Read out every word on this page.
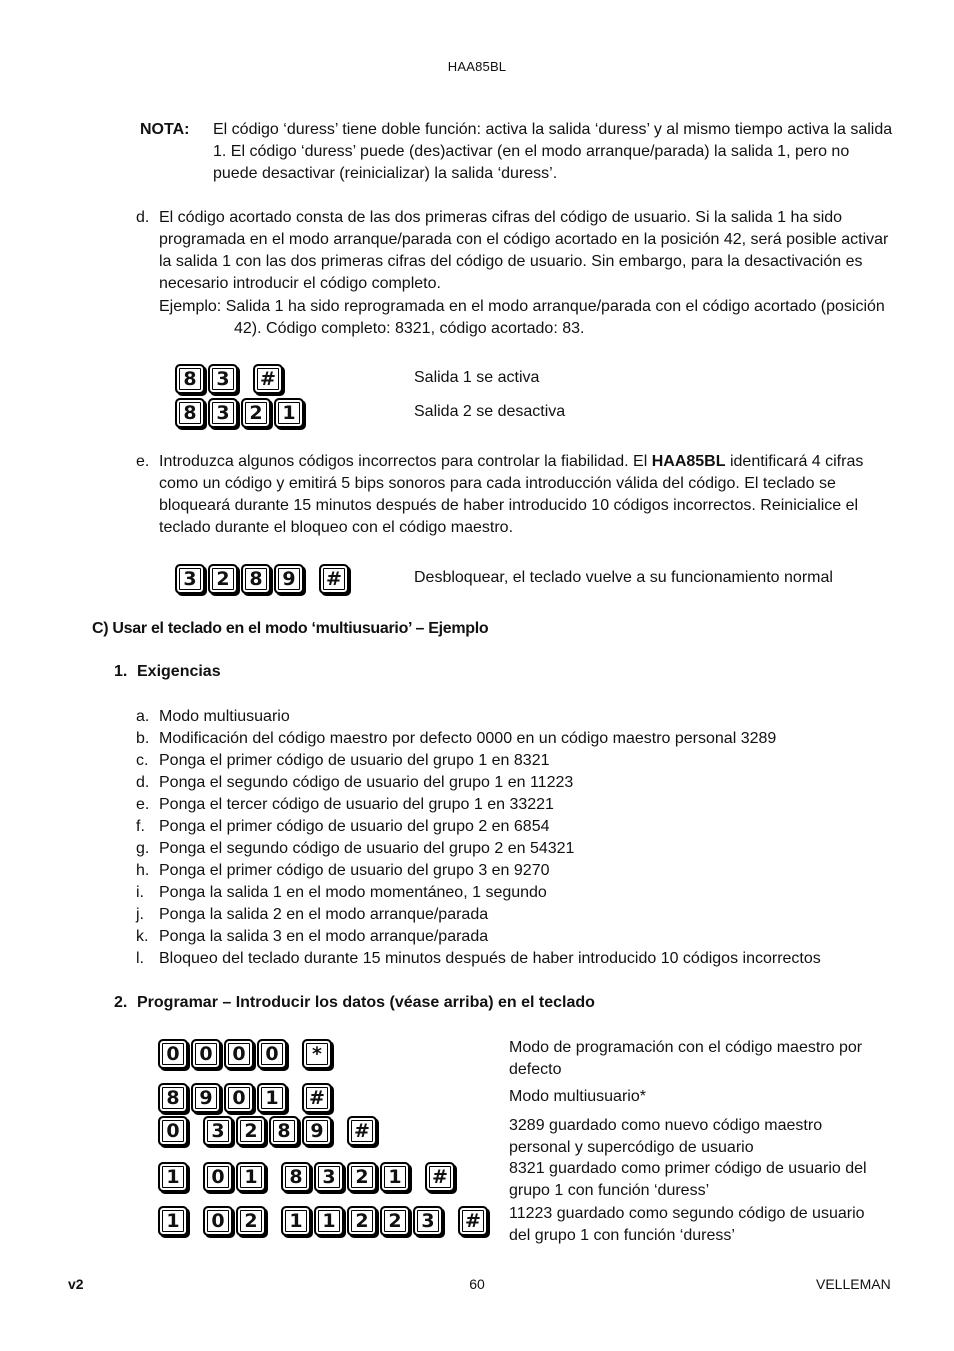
HAA85BL
NOTA: El código ‘duress’ tiene doble función: activa la salida ‘duress’ y al mismo tiempo activa la salida 1. El código ‘duress’ puede (des)activar (en el modo arranque/parada) la salida 1, pero no puede desactivar (reinicializar) la salida ‘duress’.
d. El código acortado consta de las dos primeras cifras del código de usuario. Si la salida 1 ha sido programada en el modo arranque/parada con el código acortado en la posición 42, será posible activar la salida 1 con las dos primeras cifras del código de usuario. Sin embargo, para la desactivación es necesario introducir el código completo.
Ejemplo: Salida 1 ha sido reprogramada en el modo arranque/parada con el código acortado (posición
42). Código completo: 8321, código acortado: 83.
8	3	#	Salida 1 se activa
8	3	2	1	Salida 2 se desactiva
e. Introduzca algunos códigos incorrectos para controlar la fiabilidad. El HAA85BL identificará 4 cifras como un código y emitirá 5 bips sonoros para cada introducción válida del código. El teclado se bloqueará durante 15 minutos después de haber introducido 10 códigos incorrectos. Reinicialice el teclado durante el bloqueo con el código maestro.
3	2	8	9	#	Desbloquear, el teclado vuelve a su funcionamiento normal
C) Usar el teclado en el modo ‘multiusuario’ – Ejemplo
1. Exigencias
a. Modo multiusuario
b. Modificación del código maestro por defecto 0000 en un código maestro personal 3289
c. Ponga el primer código de usuario del grupo 1 en 8321
d. Ponga el segundo código de usuario del grupo 1 en 11223
e. Ponga el tercer código de usuario del grupo 1 en 33221
f. Ponga el primer código de usuario del grupo 2 en 6854
g. Ponga el segundo código de usuario del grupo 2 en 54321
h. Ponga el primer código de usuario del grupo 3 en 9270
i. Ponga la salida 1 en el modo momentáneo, 1 segundo
j. Ponga la salida 2 en el modo arranque/parada
k. Ponga la salida 3 en el modo arranque/parada
l. Bloqueo del teclado durante 15 minutos después de haber introducido 10 códigos incorrectos
2. Programar – Introducir los datos (véase arriba) en el teclado
0	0	0	0	*	Modo de programación con el código maestro por defecto
8	9	0	1	#	Modo multiusuario*
0	3	2	8	9	#	3289 guardado como nuevo código maestro personal y supercódigo de usuario
1	0	1	8	3	2	1	#	8321 guardado como primer código de usuario del grupo 1 con función ‘duress’
1	0	2	1	1	2	2	3	#	11223 guardado como segundo código de usuario del grupo 1 con función ‘duress’
v2	60	VELLEMAN
